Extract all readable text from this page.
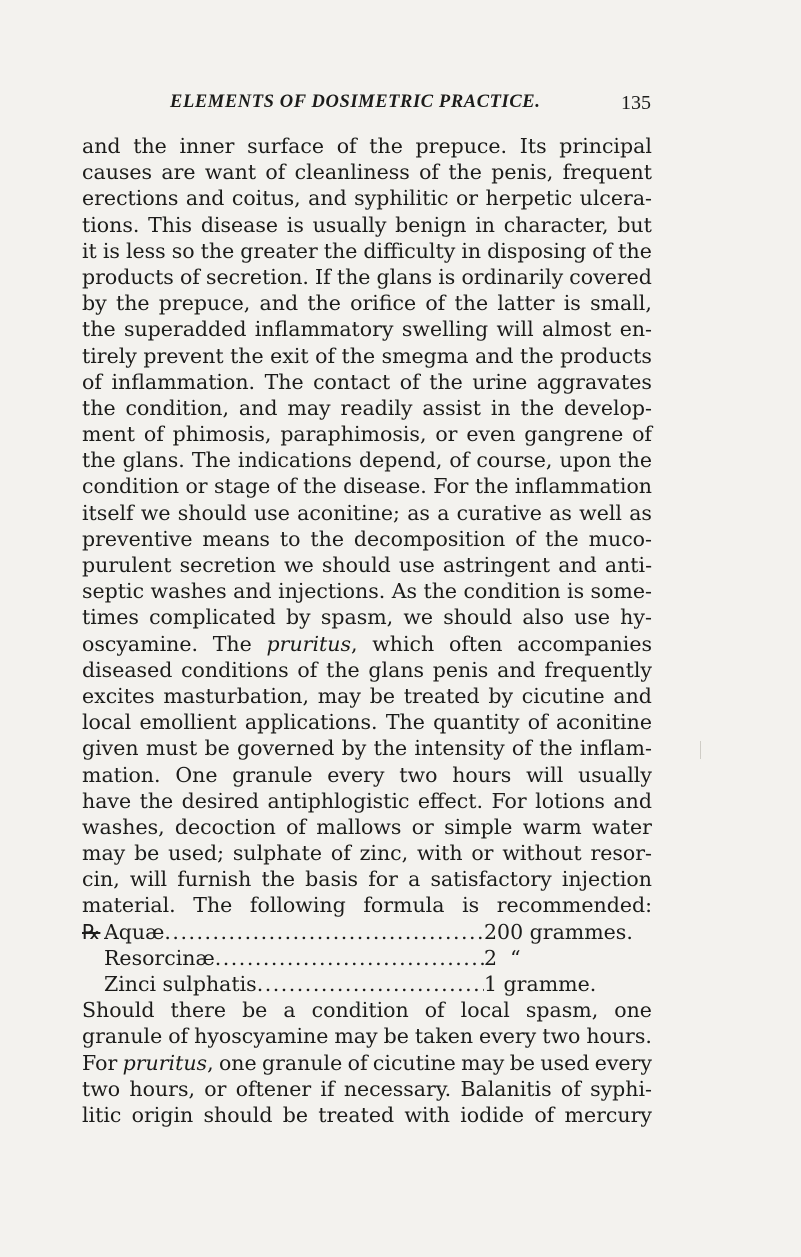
ELEMENTS OF DOSIMETRIC PRACTICE.	135
and the inner surface of the prepuce. Its principal
causes are want of cleanliness of the penis, frequent
erections and coitus, and syphilitic or herpetic ulcera-
tions. This disease is usually benign in character, but
it is less so the greater the difficulty in disposing of the
products of secretion. If the glans is ordinarily covered
by the prepuce, and the orifice of the latter is small,
the superadded inflammatory swelling will almost en-
tirely prevent the exit of the smegma and the products
of inflammation. The contact of the urine aggravates
the condition, and may readily assist in the develop-
ment of phimosis, paraphimosis, or even gangrene of
the glans. The indications depend, of course, upon the
condition or stage of the disease. For the inflammation
itself we should use aconitine; as a curative as well as
preventive means to the decomposition of the muco-
purulent secretion we should use astringent and anti-
septic washes and injections. As the condition is some-
times complicated by spasm, we should also use hy-
oscyamine. The pruritus, which often accompanies
diseased conditions of the glans penis and frequently
excites masturbation, may be treated by cicutine and
local emollient applications. The quantity of aconitine
given must be governed by the intensity of the inflam-
mation. One granule every two hours will usually
have the desired antiphlogistic effect. For lotions and
washes, decoction of mallows or simple warm water
may be used; sulphate of zinc, with or without resor-
cin, will furnish the basis for a satisfactory injection
material. The following formula is recommended:
℞ Aquæ .....	200 grammes.
Resorcinæ .....	2  “
Zinci sulphatis .....	1 gramme.
Should there be a condition of local spasm, one
granule of hyoscyamine may be taken every two hours.
For pruritus, one granule of cicutine may be used every
two hours, or oftener if necessary. Balanitis of syphi-
litic origin should be treated with iodide of mercury
